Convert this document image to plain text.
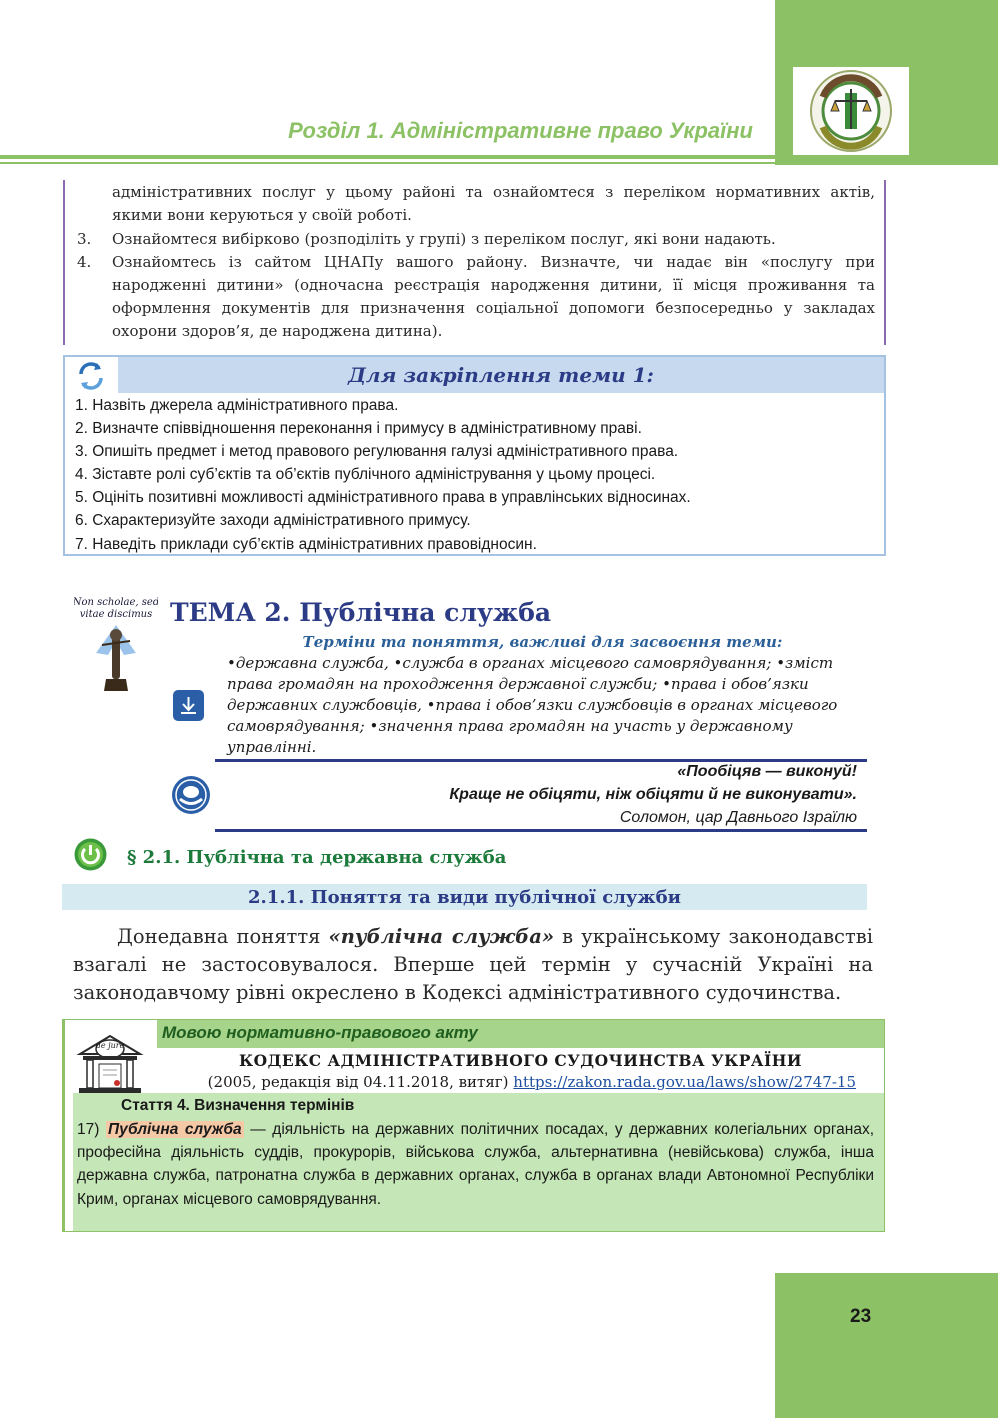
Розділ 1. Адміністративне право України
адміністративних послуг у цьому районі та ознайомтеся з переліком нормативних актів, якими вони керуються у своїй роботі.
3. Ознайомтеся вибірково (розподіліть у групі) з переліком послуг, які вони надають.
4. Ознайомтесь із сайтом ЦНАПу вашого району. Визначте, чи надає він «послугу при народженні дитини» (одночасна реєстрація народження дитини, її місця проживання та оформлення документів для призначення соціальної допомоги безпосередньо у закладах охорони здоров’я, де народжена дитина).
Для закріплення теми 1:
1. Назвіть джерела адміністративного права.
2. Визначте співвідношення переконання і примусу в адміністративному праві.
3. Опишіть предмет і метод правового регулювання галузі адміністративного права.
4. Зіставте ролі суб’єктів та об’єктів публічного адміністрування у цьому процесі.
5. Оцініть позитивні можливості адміністративного права в управлінських відносинах.
6. Схарактеризуйте заходи адміністративного примусу.
7. Наведіть приклади суб’єктів адміністративних правовідносин.
Non scholae, sed
vitae discimus ТЕМА 2. Публічна служба
Терміни та поняття, важливі для засвоєння теми:
•державна служба, •служба в органах місцевого самоврядування; •зміст права громадян на проходження державної служби; •права і обов’язки державних службовців, •права і обов’язки службовців в органах місцевого самоврядування; •значення права громадян на участь у державному управлінні.
«Пообіцяв — виконуй!
Краще не обіцяти, ніж обіцяти й не виконувати».
Соломон, цар Давнього Ізраїлю
§ 2.1. Публічна та державна служба
2.1.1. Поняття та види публічної служби

Донедавна поняття «публічна служба» в українському законодавстві взагалі не застосовувалося. Вперше цей термін у сучасній Україні на законодавчому рівні окреслено в Кодексі адміністративного судочинства.

Мовою нормативно-правового акту
de jure
КОДЕКС АДМІНІСТРАТИВНОГО СУДОЧИНСТВА УКРАЇНИ
(2005, редакція від 04.11.2018, витяг) https://zakon.rada.gov.ua/laws/show/2747-15
Стаття 4. Визначення термінів

17) Публічна служба — діяльність на державних політичних посадах, у державних колегіальних органах, професійна діяльність суддів, прокурорів, військова служба, альтернативна (невійськова) служба, інша державна служба, патронатна служба в державних органах, служба в органах влади Автономної Республіки Крим, органах місцевого самоврядування.

23
